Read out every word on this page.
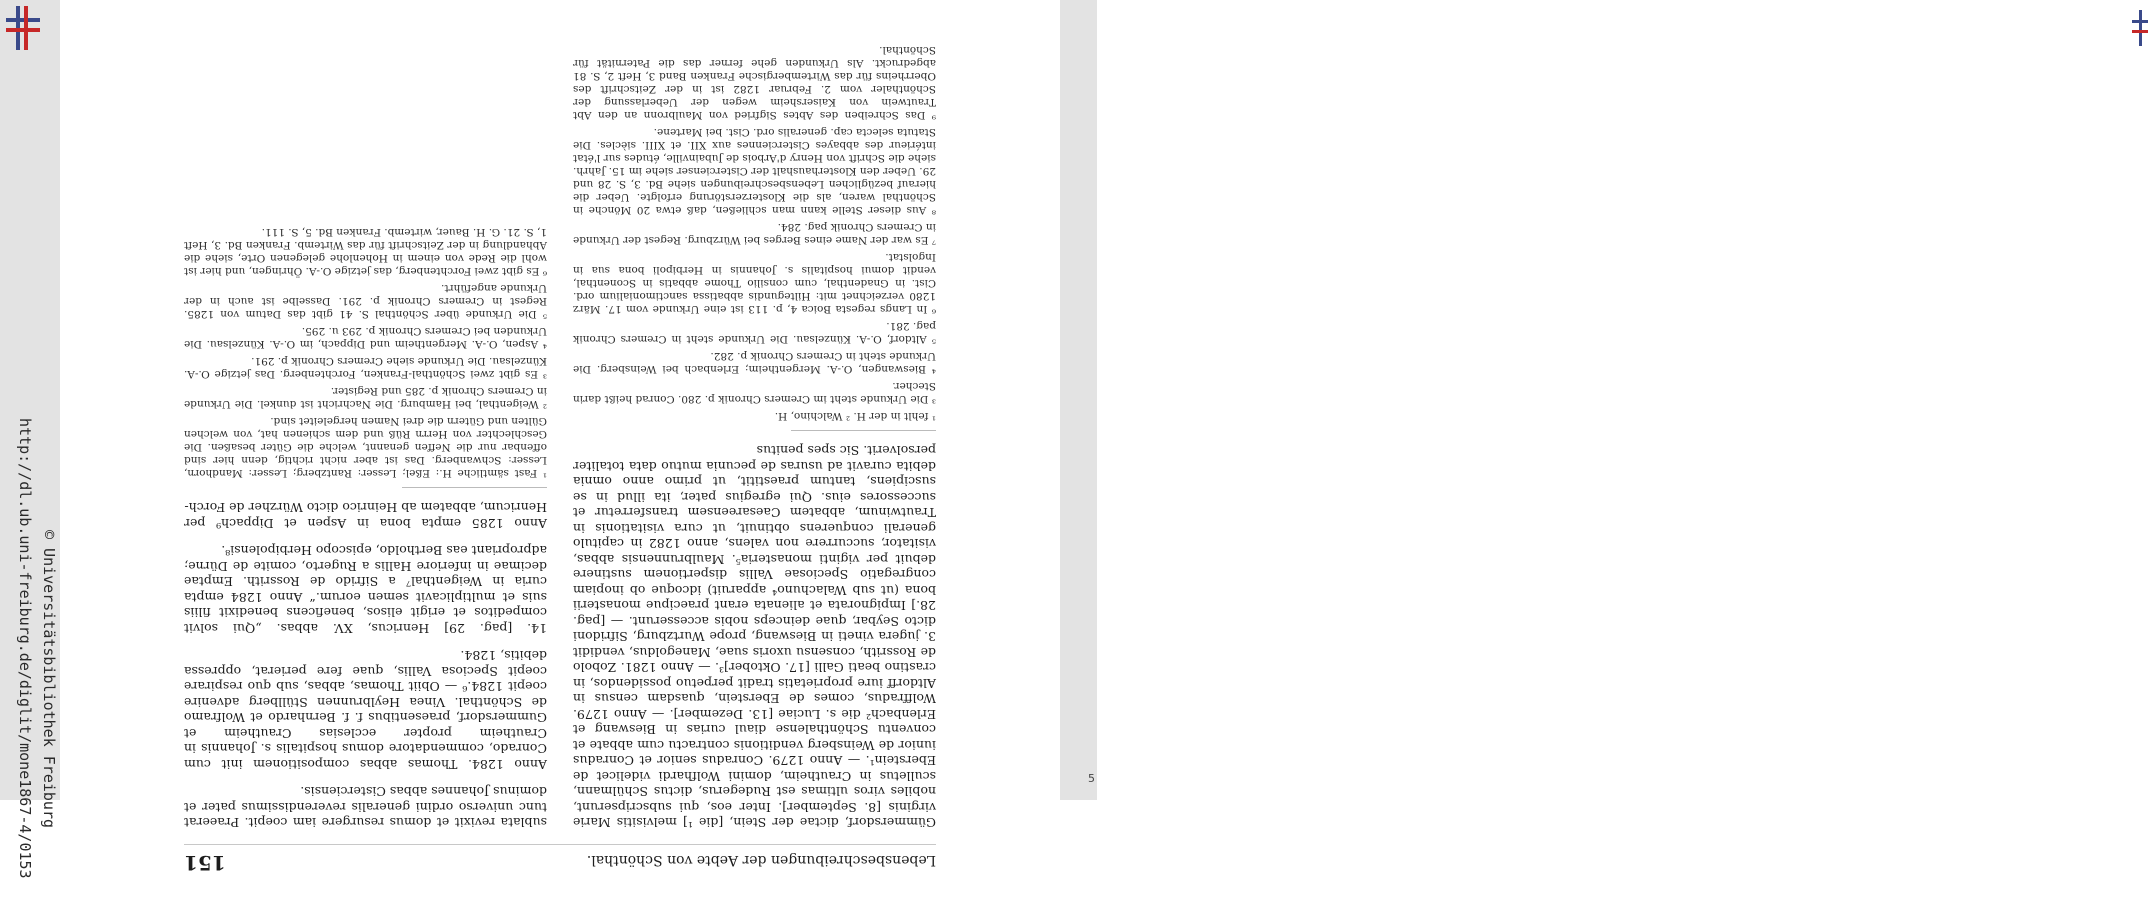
http://dl.ub.uni-freiburg.de/diglit/mone1867-4/0153 © Universitätsbibliothek Freiburg	5
Lebensbeschreibungen der Aebte von Schönthal.
151

Gümmersdorf, dictae der Stein, [die ¹] melvisitis Marie virginis [8. September]. Inter eos, qui subscripserunt, nobiles viros ultimas est Rudegerus, dictus Schülmann, sculletus in Crautheim, domini Wolfhardi videlicet de Eberstein¹. — Anno 1279. Conradus senior et Conradus iunior de Weinsberg venditionis contractu cum abbate et conventu Schönthalense diaul curias in Bieswang et Erlenbach² die s. Luciae [13. Dezember]. — Anno 1279. Wolffradus, comes de Eberstein, quasdam census in Altdorff iure proprietatis tradit perpetuo possidendos, in crastino beati Galli [17. Oktober]³. — Anno 1281. Zobolo de Rossrith, consensu uxoris suae, Manegoldus, vendidit 3. jugera vineti in Bieswang, prope Wurtzburg, Sifridoni dicto Seybar, quae deinceps nobis accesserunt. — [pag. 28.] Impignorata et alienata erant praecipue monasterii bona (ut sub Walachuno⁴ apparuit) idcoque ob inopiam congregatio Speciosae Vallis dispertionem sustinere debuit per viginti monasteria⁵. Maulbrunnensis abbas, visitator, succurrere non valens, anno 1282 in capitulo generali conquerens obtinuit, ut cura visitationis in Trautwinum, abbatem Caesareensem transferretur et successores eius. Qui egregius pater, ita illud in se suscipiens, tantum praestitit, ut primo anno omnia debita curavit ad usuras de pecunia mutuo data totaliter persolverit. Sic spes penitus

¹ fehlt in der H. ² Walchino, H.

³ Die Urkunde steht im Cremers Chronik p. 280. Conrad heißt darin Stecher.

⁴ Bieswangen, O.-A. Mergentheim; Erlenbach bei Weinsberg. Die Urkunde steht in Cremers Chronik p. 282.

⁵ Altdorf, O.-A. Künzelsau. Die Urkunde steht in Cremers Chronik pag. 281.

⁶ In Langs regesta Boica 4, p. 113 ist eine Urkunde vom 17. März 1280 verzeichnet mit: Hiltegundis abbatissa sanctimonialium ord. Cist. in Gnadenthal, cum consilio Thome abbatis in Sconenthal, vendit domui hospitalis s. Johannis in Herbipoli bona sua in Ingolstat.

⁷ Es war der Name eines Berges bei Würzburg. Regest der Urkunde in Cremers Chronik pag. 284.

⁸ Aus dieser Stelle kann man schließen, daß etwa 20 Mönche in Schönthal waren, als die Klosterzerstörung erfolgte. Ueber die hierauf bezüglichen Lebensbeschreibungen siehe Bd. 3, S. 28 und 29. Ueber den Klosterhaushalt der Cistercienser siehe im 15. Jahrh. siehe die Schrift von Henry d'Arbois de Jubainville, études sur l'état intérieur des abbayes Cisterciennes aux XII. et XIII. siècles. Die Statuta selecta cap. generalis ord. Cist. bei Martene.

⁹ Das Schreiben des Abtes Sigfried von Maulbronn an den Abt Trautwein von Kaisersheim wegen der Ueberlassung der Schönthaler vom 2. Februar 1282 ist in der Zeitschrift des Oberrheins für das Wirtembergische Franken Band 3, Heft 2, S. 81 abgedruckt. Als Urkunden gehe ferner das die Paternität für Schönthal.

sublata revixit et domus resurgere iam coepit. Praeerat tunc universo ordini generalis reverendissimus pater et dominus Johannes abbas Cisterciensis.

Anno 1284. Thomas abbas compositionem init cum Conrado, commendatore domus hospitalis s. Johannis in Crautheim propter ecclesias Crautheim et Gummersdorf, praesentibus f. f. Bernhardo et Wolframo de Schönthal. Vinea Heylbrunnen Stüllberg advenire coepit 1284.⁶ — Obiit Thomas, abbas, sub quo respirare coepit Speciosa Vallis, quae fere perierat, oppressa debitis, 1284.

14. [pag. 29] Henricus, XV. abbas. „Qui solvit compeditos et erigit elisos, beneficens benedixit filiis suis et multiplicavit semen eorum.“ Anno 1284 empta curia in Weigenthal⁷ a Sifrido de Rossrith. Emptae decimae in inferiore Hallis a Rugerto, comite de Dürne; adpropriant eas Bertholdo, episcopo Herbipolensi⁸.

Anno 1285 empta bona in Aspen et Dippach⁹ per Henricum, abbatem ab Heinrico dicto Würzher de Forch-

¹ Fast sämtliche H.: Eßel; Lesser: Rantzberg; Lesser: Mandhorn, Lesser: Schwanberg. Das ist aber nicht richtig, denn hier sind offenbar nur die Neffen genannt, welche die Güter besaßen. Die Geschlechter von Herrn Rüß und dem schienen hat, von welchen Gülten und Gütern die drei Namen hergeleitet sind.

² Weigenthal, bei Hamburg. Die Nachricht ist dunkel. Die Urkunde in Cremers Chronik p. 285 und Register.

³ Es gibt zwei Schönthal-Franken, Forchtenberg. Das jetzige O.-A. Künzelsau. Die Urkunde siehe Cremers Chronik p. 291.

⁴ Aspen, O.-A. Mergentheim und Dippach, im O.-A. Künzelsau. Die Urkunden bei Cremers Chronik p. 293 u. 295.

⁵ Die Urkunde über Schönthal S. 41 gibt das Datum von 1285. Regest in Cremers Chronik p. 291. Dasselbe ist auch in der Urkunde angeführt.

⁶ Es gibt zwei Forchtenberg, das jetzige O.-A. Öhringen, und hier ist wohl die Rede von einem in Hohenlohe gelegenen Orte, siehe die Abhandlung in der Zeitschrift für das Wirtemb. Franken Bd. 3, Heft 1, S. 21. G. H. Bauer, wirtemb. Franken Bd. 5, S. 111.
